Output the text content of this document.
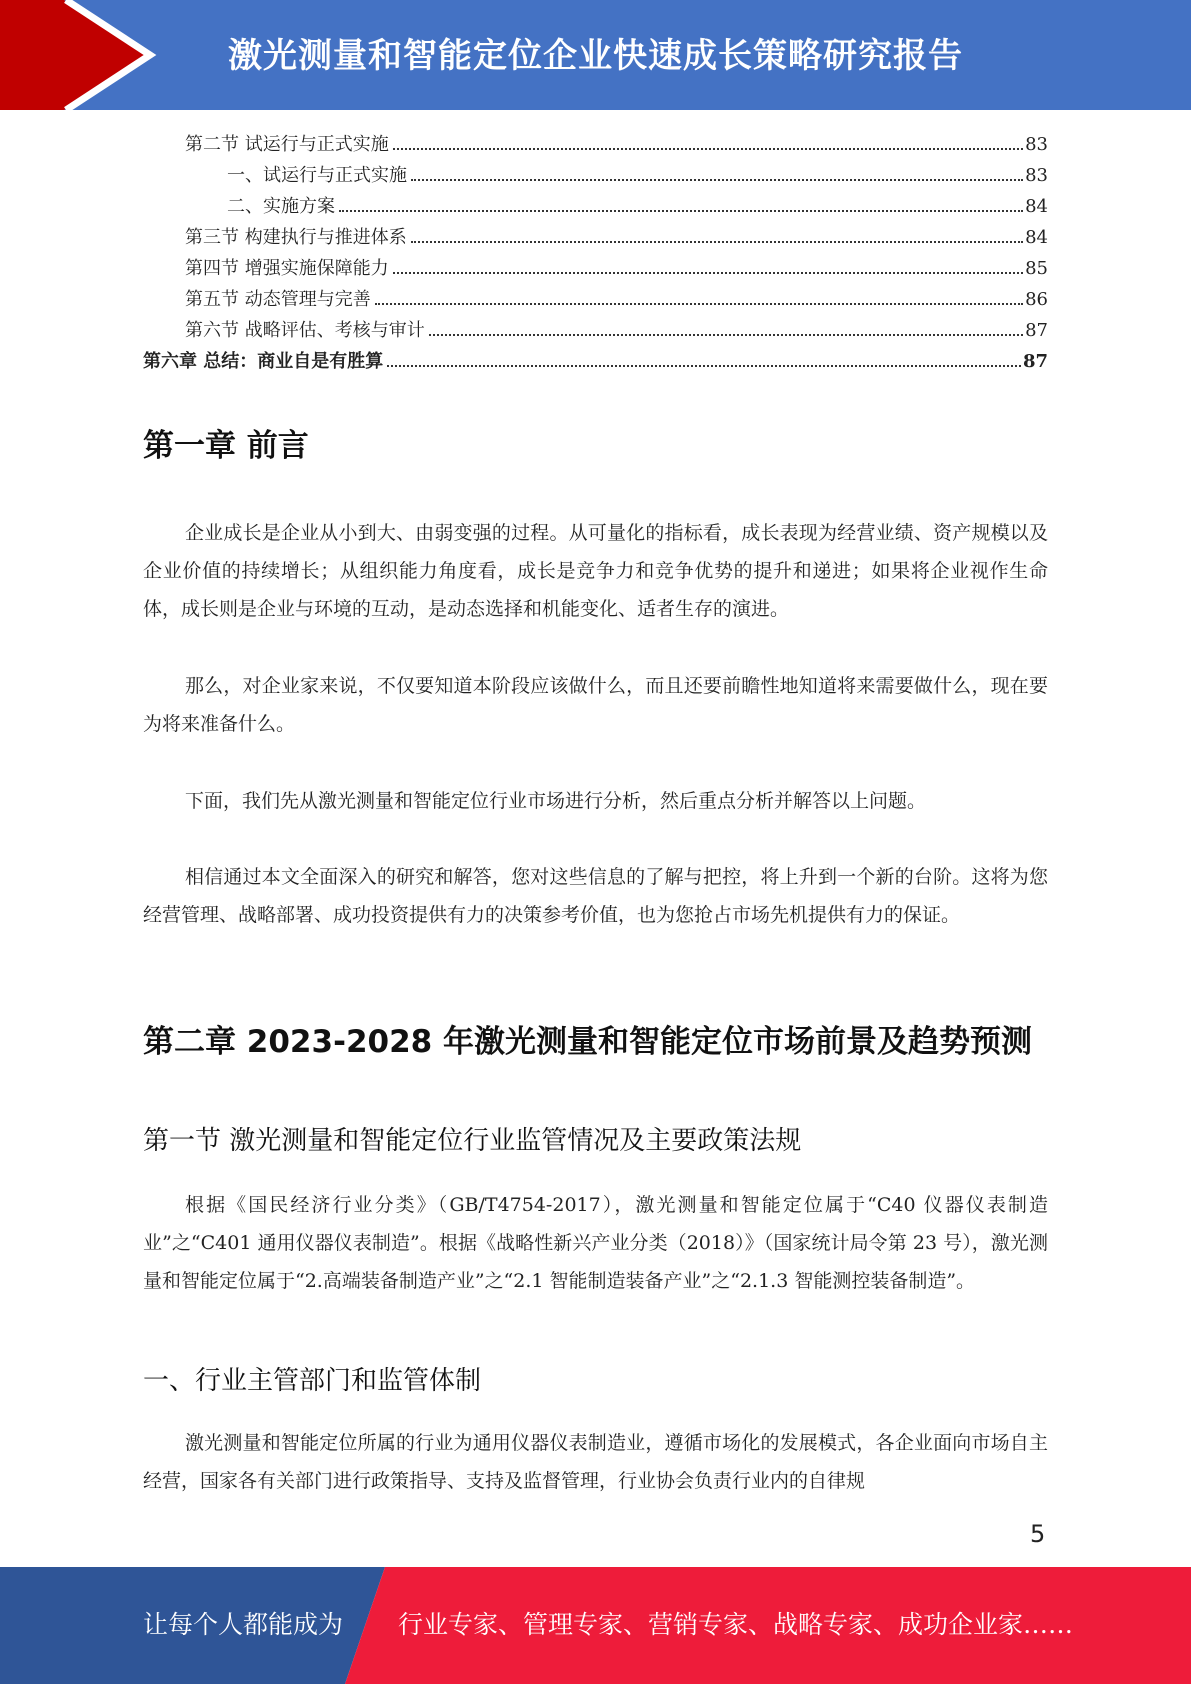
激光测量和智能定位企业快速成长策略研究报告
第二节 试运行与正式实施	83
一、试运行与正式实施	83
二、实施方案	84
第三节 构建执行与推进体系	84
第四节 增强实施保障能力	85
第五节 动态管理与完善	86
第六节 战略评估、考核与审计	87
第六章 总结：商业自是有胜算	87
第一章 前言

企业成长是企业从小到大、由弱变强的过程。从可量化的指标看，成长表现为经营业绩、资产规模以及企业价值的持续增长；从组织能力角度看，成长是竞争力和竞争优势的提升和递进；如果将企业视作生命体，成长则是企业与环境的互动，是动态选择和机能变化、适者生存的演进。

那么，对企业家来说，不仅要知道本阶段应该做什么，而且还要前瞻性地知道将来需要做什么，现在要为将来准备什么。

下面，我们先从激光测量和智能定位行业市场进行分析，然后重点分析并解答以上问题。

相信通过本文全面深入的研究和解答，您对这些信息的了解与把控，将上升到一个新的台阶。这将为您经营管理、战略部署、成功投资提供有力的决策参考价值，也为您抢占市场先机提供有力的保证。

第二章 2023-2028 年激光测量和智能定位市场前景及趋势预测
第一节 激光测量和智能定位行业监管情况及主要政策法规

根据《国民经济行业分类》（GB/T4754-2017），激光测量和智能定位属于“C40 仪器仪表制造业”之“C401 通用仪器仪表制造”。根据《战略性新兴产业分类（2018）》（国家统计局令第 23 号），激光测量和智能定位属于“2.高端装备制造产业”之“2.1 智能制造装备产业”之“2.1.3 智能测控装备制造”。

一、行业主管部门和监管体制

激光测量和智能定位所属的行业为通用仪器仪表制造业，遵循市场化的发展模式，各企业面向市场自主经营，国家各有关部门进行政策指导、支持及监督管理，行业协会负责行业内的自律规

5
让每个人都能成为 行业专家、管理专家、营销专家、战略专家、成功企业家……
